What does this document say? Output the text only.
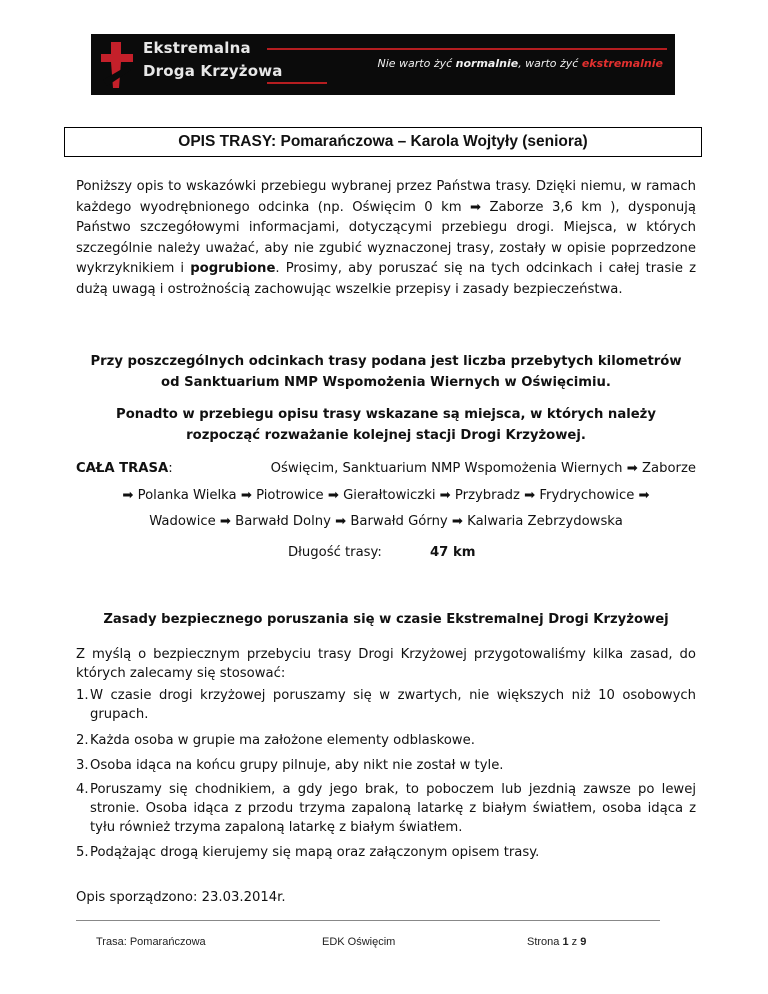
Ekstremalna
Droga Krzyżowa	Nie warto żyć normalnie, warto żyć ekstremalnie
OPIS TRASY: Pomarańczowa – Karola Wojtyły (seniora)
Poniższy opis to wskazówki przebiegu wybranej przez Państwa trasy. Dzięki niemu, w ramach każdego wyodrębnionego odcinka (np. Oświęcim 0 km ➡ Zaborze 3,6 km ), dysponują Państwo szczegółowymi informacjami, dotyczącymi przebiegu drogi. Miejsca, w których szczególnie należy uważać, aby nie zgubić wyznaczonej trasy, zostały w opisie poprzedzone wykrzyknikiem i pogrubione. Prosimy, aby poruszać się na tych odcinkach i całej trasie z dużą uwagą i ostrożnością zachowując wszelkie przepisy i zasady bezpieczeństwa.
Przy poszczególnych odcinkach trasy podana jest liczba przebytych kilometrów od Sanktuarium NMP Wspomożenia Wiernych w Oświęcimiu.
Ponadto w przebiegu opisu trasy wskazane są miejsca, w których należy rozpocząć rozważanie kolejnej stacji Drogi Krzyżowej.
CAŁA TRASA:	Oświęcim, Sanktuarium NMP Wspomożenia Wiernych ➡ Zaborze
➡ Polanka Wielka ➡ Piotrowice ➡ Gierałtowiczki ➡ Przybradz ➡ Frydrychowice ➡
Wadowice ➡ Barwałd Dolny ➡ Barwałd Górny ➡ Kalwaria Zebrzydowska
Długość trasy:	47 km
Zasady bezpiecznego poruszania się w czasie Ekstremalnej Drogi Krzyżowej
Z myślą o bezpiecznym przebyciu trasy Drogi Krzyżowej przygotowaliśmy kilka zasad, do których zalecamy się stosować:
1. W czasie drogi krzyżowej poruszamy się w zwartych, nie większych niż 10 osobowych grupach.
2. Każda osoba w grupie ma założone elementy odblaskowe.
3. Osoba idąca na końcu grupy pilnuje, aby nikt nie został w tyle.
4. Poruszamy się chodnikiem, a gdy jego brak, to poboczem lub jezdnią zawsze po lewej stronie. Osoba idąca z przodu trzyma zapaloną latarkę z białym światłem, osoba idąca z tyłu również trzyma zapaloną latarkę z białym światłem.
5. Podążając drogą kierujemy się mapą oraz załączonym opisem trasy.
Opis sporządzono: 23.03.2014r.
Trasa: Pomarańczowa	EDK Oświęcim	Strona 1 z 9
